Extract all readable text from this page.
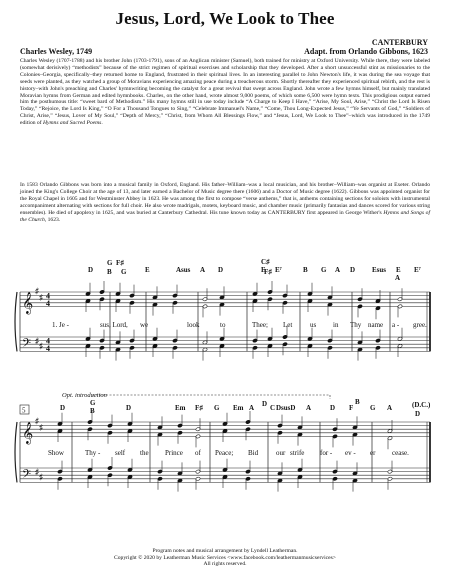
Jesus, Lord, We Look to Thee
CANTERBURY
Charles Wesley, 1749	Adapt. from Orlando Gibbons, 1623

Charles Wesley (1707-1788) and his brother John (1703-1791), sons of an Anglican minister (Samuel), both trained for ministry at Oxford University. While there, they were labeled (somewhat derisively) “methodists” because of the strict regimen of spiritual exercises and scholarship that they developed. After a short unsuccessful stint as missionaries to the Colonies–Georgia, specifically–they returned home to England, frustrated in their spiritual lives. In an interesting parallel to John Newton's life, it was during the sea voyage that seeds were planted, as they watched a group of Moravians experiencing amazing peace during a treacherous storm. Shortly thereafter they experienced spiritual rebirth, and the rest is history–with John's preaching and Charles' hymnwriting becoming the catalyst for a great revival that swept across England. John wrote a few hymns himself, but mainly translated Moravian hymns from German and edited hymnbooks. Charles, on the other hand, wrote almost 9,000 poems, of which some 6,500 were hymn texts. This prodigious output earned him the posthumous title: “sweet bard of Methodism.” His many hymns still in use today include “A Charge to Keep I Have,” “Arise, My Soul, Arise,” “Christ the Lord Is Risen Today,” “Rejoice, the Lord Is King,” “O For a Thousand Tongues to Sing,” “Celebrate Immanuel's Name,” “Come, Thou Long-Expected Jesus,” “Ye Servants of God,” “Soldiers of Christ, Arise,” “Jesus, Lover of My Soul,” “Depth of Mercy,” “Christ, from Whom All Blessings Flow,” and “Jesus, Lord, We Look to Thee”–which was introduced in the 1749 edition of Hymns and Sacred Poems.

In 1583 Orlando Gibbons was born into a musical family in Oxford, England. His father–William–was a local musician, and his brother–William–was organist at Exeter. Orlando joined the King's College Choir at the age of 13, and later earned a Bachelor of Music degree there (1606) and a Doctor of Music degree (1622). Gibbons was appointed organist for the Royal Chapel in 1605 and for Westminster Abbey in 1623. He was among the first to compose “verse anthems,” that is, anthems containing sections for soloists with instrumental accompaniment alternating with sections for full choir. He also wrote madrigals, motets, keyboard music, and chamber music (primarily fantasias and dances scored for various string ensembles). He died of apoplexy in 1625, and was buried at Canterbury Cathedral. His tune known today as CANTERBURY first appeared in George Wither's Hymns and Songs of the Church, 1623.

𝄞
𝄢
♯
♯
♯
♯
4
4
4
4
D
G
B
F♯
G	E	Asus A D	E
C♯
F♯ E⁷	B G A D Esus E E⁷
A
1. Je -	sus, Lord, we	look	to	Thee; Let	us in Thy name a - gree.
Opt. introduction
5
𝄞
𝄢
♯
♯
♯
♯
D
G
B	D	Em F♯ G Em A C
D DsusD A	D F
B
G A
D
Show	Thy - self the Prince of Peace; Bid	our strife for - ev - er cease.
(D.C.)
Program notes and musical arrangement by Lyndell Leatherman.
Copyright © 2020 by Leatherman Music Services <www.facebook.com/leathermanmusicservices>
All rights reserved.
